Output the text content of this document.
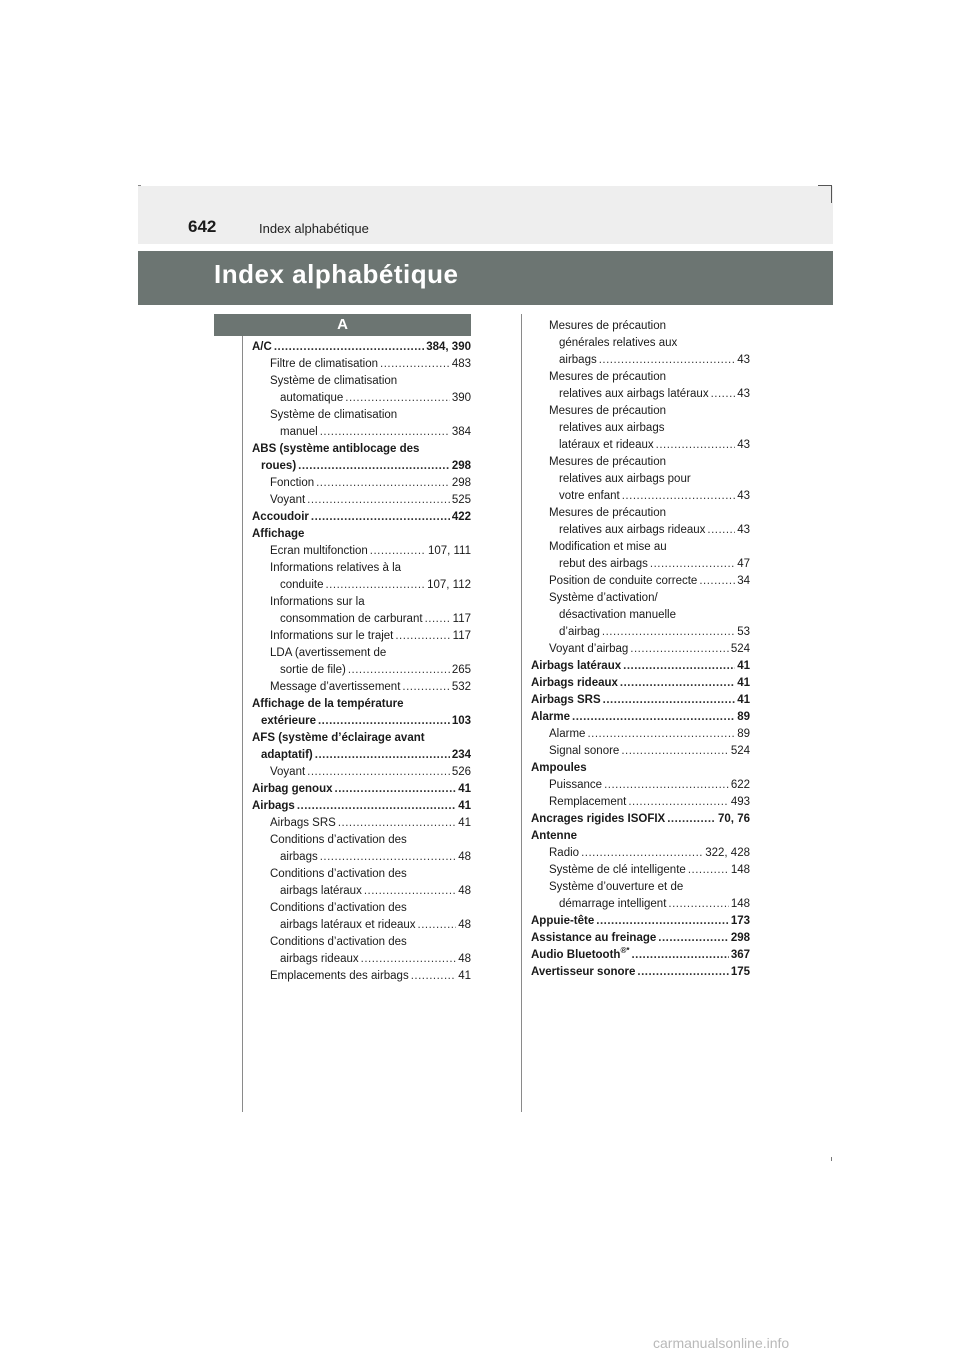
642	Index alphabétique
Index alphabétique
A
A/C .....	384, 390
Filtre de climatisation .....	483
Système de climatisation
automatique .....	390
Système de climatisation
manuel .....	384
ABS (système antiblocage des
roues) .....	298
Fonction .....	298
Voyant .....	525
Accoudoir .....	422
Affichage
Ecran multifonction .....	107, 111
Informations relatives à la
conduite .....	107, 112
Informations sur la
consommation de carburant .....	117
Informations sur le trajet .....	117
LDA (avertissement de
sortie de file) .....	265
Message d’avertissement .....	532
Affichage de la température
extérieure .....	103
AFS (système d’éclairage avant
adaptatif) .....	234
Voyant .....	526
Airbag genoux .....	41
Airbags .....	41
Airbags SRS .....	41
Conditions d’activation des
airbags .....	48
Conditions d’activation des
airbags latéraux .....	48
Conditions d’activation des
airbags latéraux et rideaux .....	48
Conditions d’activation des
airbags rideaux .....	48
Emplacements des airbags .....	41
Mesures de précaution
générales relatives aux
airbags .....	43
Mesures de précaution
relatives aux airbags latéraux ..... 43
Mesures de précaution
relatives aux airbags
latéraux et rideaux .....	43
Mesures de précaution
relatives aux airbags pour
votre enfant .....	43
Mesures de précaution
relatives aux airbags rideaux .....	43
Modification et mise au
rebut des airbags .....	47
Position de conduite correcte .....	34
Système d’activation/
désactivation manuelle
d’airbag .....	53
Voyant d’airbag .....	524
Airbags latéraux .....	41
Airbags rideaux .....	41
Airbags SRS .....	41
Alarme .....	89
Alarme .....	89
Signal sonore .....	524
Ampoules
Puissance .....	622
Remplacement .....	493
Ancrages rigides ISOFIX .....	70, 76
Antenne
Radio .....	322, 428
Système de clé intelligente .....	148
Système d’ouverture et de
démarrage intelligent .....	148
Appuie-tête .....	173
Assistance au freinage .....	298
Audio Bluetooth®* .....	367
Avertisseur sonore .....	175
carmanualsonline.info
